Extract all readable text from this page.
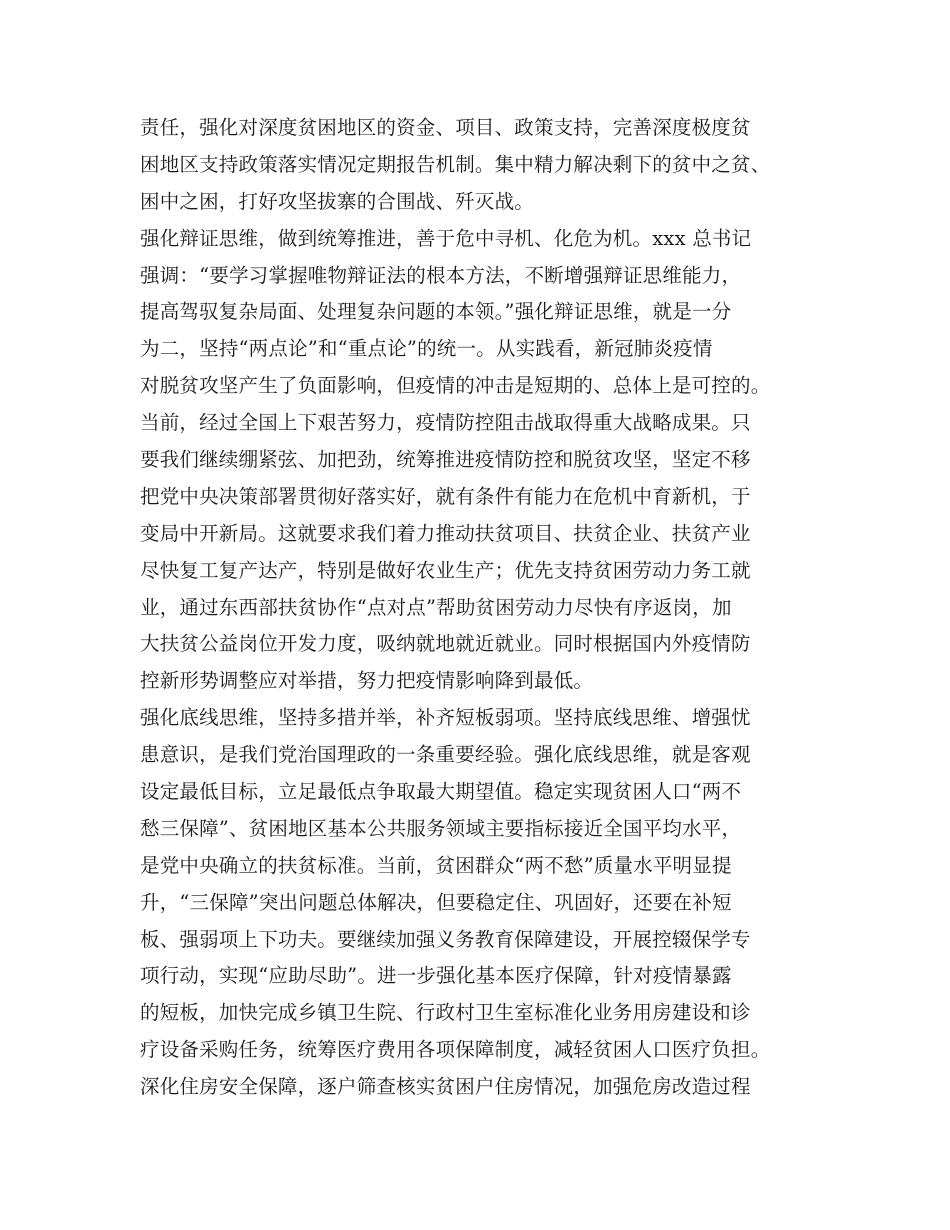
责任，强化对深度贫困地区的资金、项目、政策支持，完善深度极度贫
困地区支持政策落实情况定期报告机制。集中精力解决剩下的贫中之贫、
困中之困，打好攻坚拔寨的合围战、歼灭战。
强化辩证思维，做到统筹推进，善于危中寻机、化危为机。xxx 总书记
强调：“要学习掌握唯物辩证法的根本方法，不断增强辩证思维能力，
提高驾驭复杂局面、处理复杂问题的本领。”强化辩证思维，就是一分
为二，坚持“两点论”和“重点论”的统一。从实践看，新冠肺炎疫情
对脱贫攻坚产生了负面影响，但疫情的冲击是短期的、总体上是可控的。
当前，经过全国上下艰苦努力，疫情防控阻击战取得重大战略成果。只
要我们继续绷紧弦、加把劲，统筹推进疫情防控和脱贫攻坚，坚定不移
把党中央决策部署贯彻好落实好，就有条件有能力在危机中育新机，于
变局中开新局。这就要求我们着力推动扶贫项目、扶贫企业、扶贫产业
尽快复工复产达产，特别是做好农业生产；优先支持贫困劳动力务工就
业，通过东西部扶贫协作“点对点”帮助贫困劳动力尽快有序返岗，加
大扶贫公益岗位开发力度，吸纳就地就近就业。同时根据国内外疫情防
控新形势调整应对举措，努力把疫情影响降到最低。
强化底线思维，坚持多措并举，补齐短板弱项。坚持底线思维、增强忧
患意识，是我们党治国理政的一条重要经验。强化底线思维，就是客观
设定最低目标，立足最低点争取最大期望值。稳定实现贫困人口“两不
愁三保障”、贫困地区基本公共服务领域主要指标接近全国平均水平，
是党中央确立的扶贫标准。当前，贫困群众“两不愁”质量水平明显提
升，“三保障”突出问题总体解决，但要稳定住、巩固好，还要在补短
板、强弱项上下功夫。要继续加强义务教育保障建设，开展控辍保学专
项行动，实现“应助尽助”。进一步强化基本医疗保障，针对疫情暴露
的短板，加快完成乡镇卫生院、行政村卫生室标准化业务用房建设和诊
疗设备采购任务，统筹医疗费用各项保障制度，减轻贫困人口医疗负担。
深化住房安全保障，逐户筛查核实贫困户住房情况，加强危房改造过程
